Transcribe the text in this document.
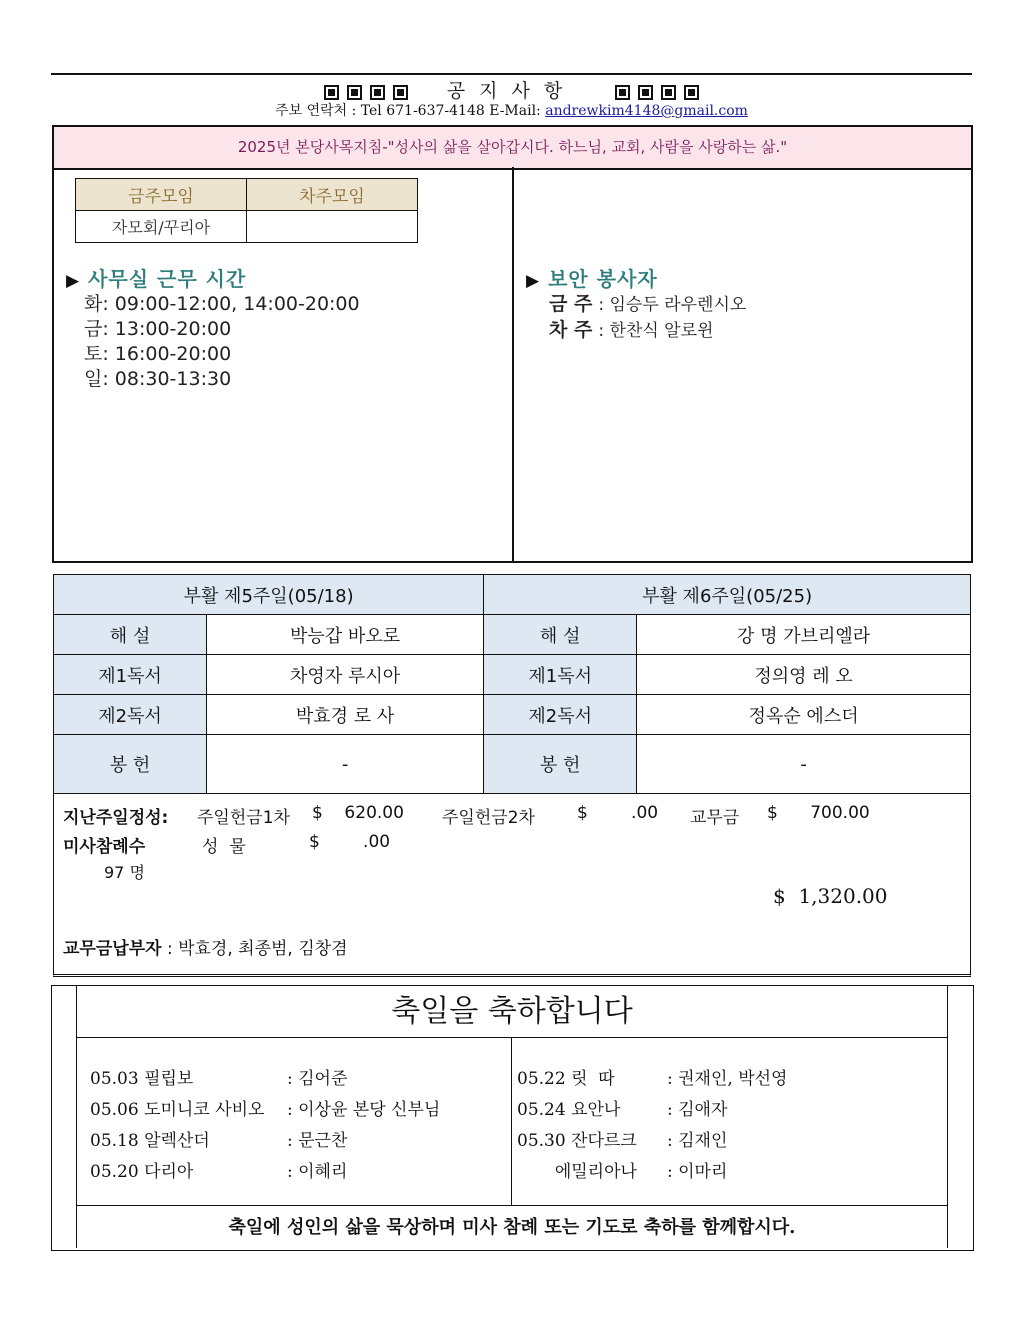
공지사항
주보 연락처 : Tel 671-637-4148 E-Mail: andrewkim4148@gmail.com
2025년 본당사목지침-"성사의 삶을 살아갑시다. 하느님, 교회, 사람을 사랑하는 삶."
금주모임	차주모임
자모회/꾸리아	
▶ 사무실 근무 시간
화: 09:00-12:00, 14:00-20:00
금: 13:00-20:00
토: 16:00-20:00
일: 08:30-13:30
▶ 보안 봉사자
금 주 : 임승두 라우렌시오
차 주 : 한찬식 알로윈
부활 제5주일(05/18)		부활 제6주일(05/25)	
해 설	박능갑 바오로	해 설	강 명 가브리엘라
제1독서	차영자 루시아	제1독서	정의영 레 오
제2독서	박효경 로 사	제2독서	정옥순 에스더
봉 헌	-	봉 헌	-
지난주일정성: 주일헌금1차 $    620.00 주일헌금2차 $        .00 교무금 $      700.00
미사참례수	성  물	$        .00
97 명
$  1,320.00
교무금납부자 : 박효경, 최종범, 김창겸
축일을 축하합니다
05.03 필립보	: 김어준
05.06 도미니코 사비오 : 이상윤 본당 신부님
05.18 알렉산더	: 문근찬
05.20 다리아	: 이혜리
05.22 릿  따	: 권재인, 박선영
05.24 요안나	: 김애자
05.30 잔다르크 : 김재인
에밀리아나 : 이마리
축일에 성인의 삶을 묵상하며 미사 참례 또는 기도로 축하를 함께합시다.
